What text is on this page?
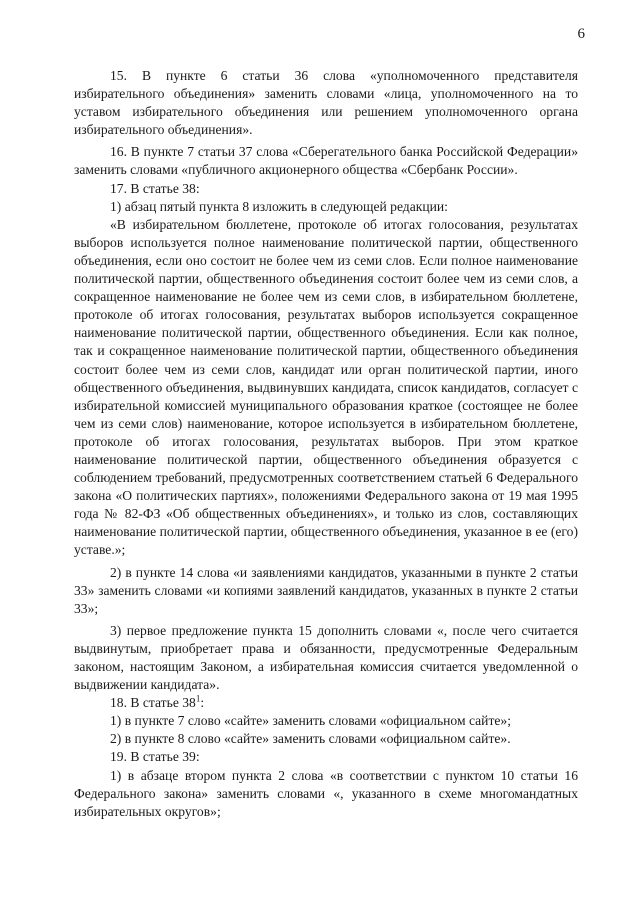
6

15. В пункте 6 статьи 36 слова «уполномоченного представителя избирательного объединения» заменить словами «лица, уполномоченного на то уставом избирательного объединения или решением уполномоченного органа избирательного объединения».

16. В пункте 7 статьи 37 слова «Сберегательного банка Российской Федерации» заменить словами «публичного акционерного общества «Сбербанк России».

17. В статье 38:

1) абзац пятый пункта 8 изложить в следующей редакции:

«В избирательном бюллетене, протоколе об итогах голосования, результатах выборов используется полное наименование политической партии, общественного объединения, если оно состоит не более чем из семи слов. Если полное наименование политической партии, общественного объединения состоит более чем из семи слов, а сокращенное наименование не более чем из семи слов, в избирательном бюллетене, протоколе об итогах голосования, результатах выборов используется сокращенное наименование политической партии, общественного объединения. Если как полное, так и сокращенное наименование политической партии, общественного объединения состоит более чем из семи слов, кандидат или орган политической партии, иного общественного объединения, выдвинувших кандидата, список кандидатов, согласует с избирательной комиссией муниципального образования краткое (состоящее не более чем из семи слов) наименование, которое используется в избирательном бюллетене, протоколе об итогах голосования, результатах выборов. При этом краткое наименование политической партии, общественного объединения образуется с соблюдением требований, предусмотренных соответствением статьей 6 Федерального закона «О политических партиях», положениями Федерального закона от 19 мая 1995 года № 82-ФЗ «Об общественных объединениях», и только из слов, составляющих наименование политической партии, общественного объединения, указанное в ее (его) уставе.»;

2) в пункте 14 слова «и заявлениями кандидатов, указанными в пункте 2 статьи 33» заменить словами «и копиями заявлений кандидатов, указанных в пункте 2 статьи 33»;

3) первое предложение пункта 15 дополнить словами «, после чего считается выдвинутым, приобретает права и обязанности, предусмотренные Федеральным законом, настоящим Законом, а избирательная комиссия считается уведомленной о выдвижении кандидата».

18. В статье $38^1$:

1) в пункте 7 слово «сайте» заменить словами «официальном сайте»;

2) в пункте 8 слово «сайте» заменить словами «официальном сайте».

19. В статье 39:

1) в абзаце втором пункта 2 слова «в соответствии с пунктом 10 статьи 16 Федерального закона» заменить словами «, указанного в схеме многомандатных избирательных округов»;
